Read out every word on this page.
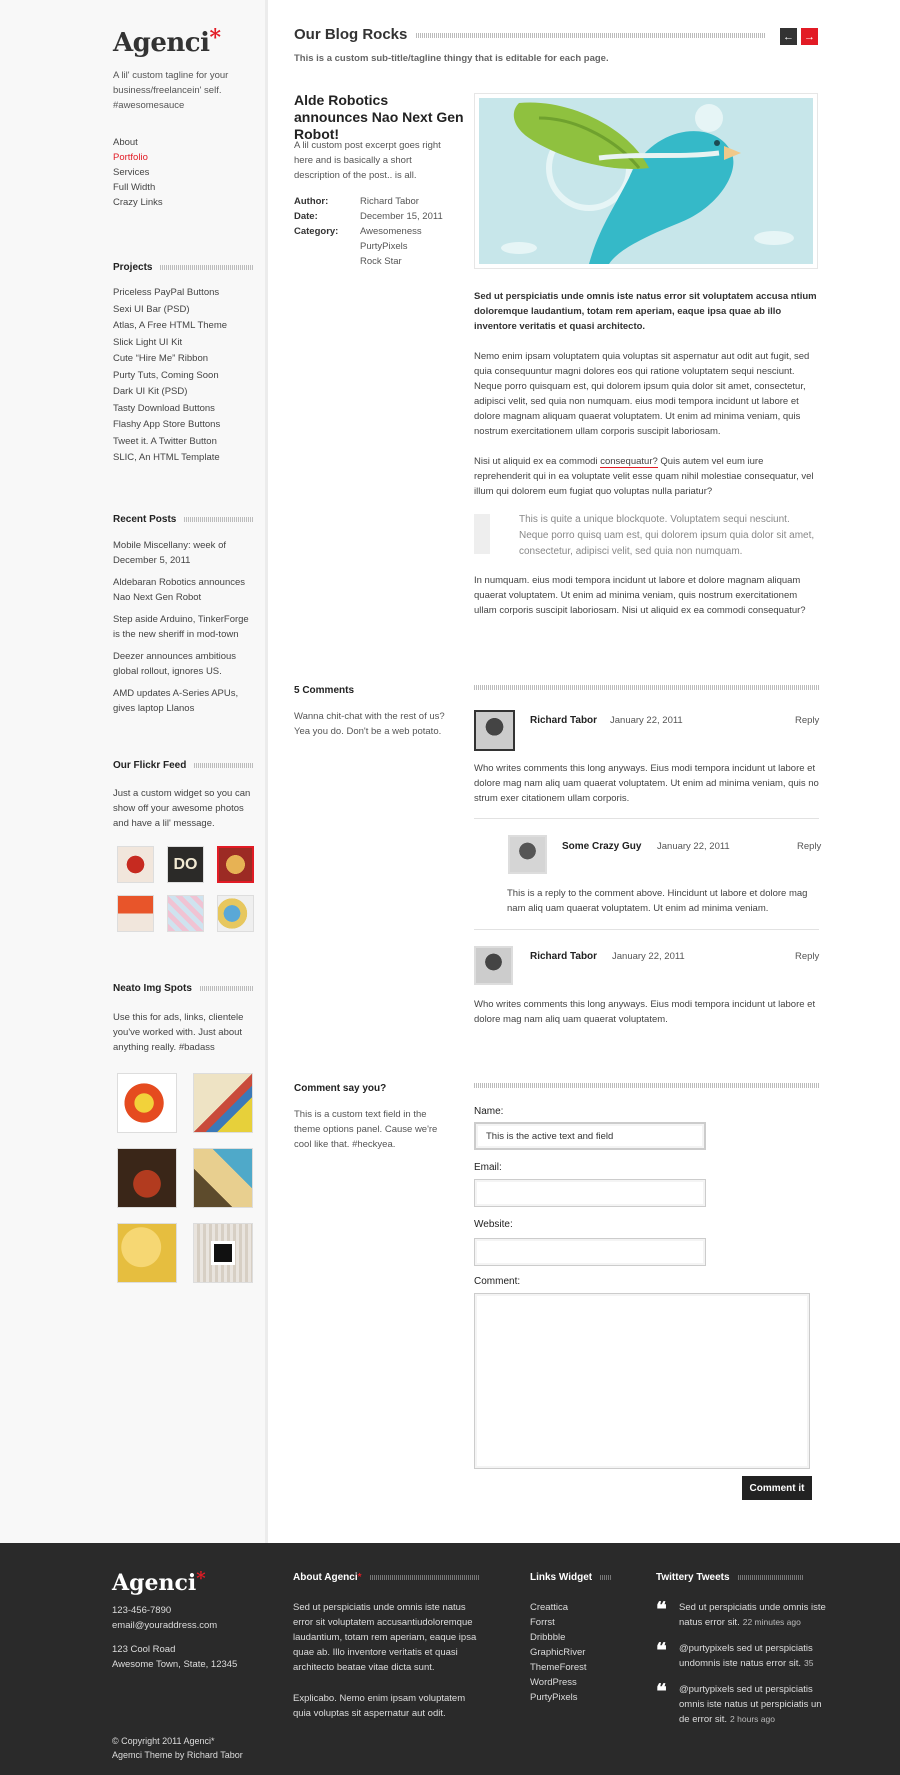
Agenci*
A lil' custom tagline for your business/freelancein' self. #awesomesauce
About
Portfolio
Services
Full Width
Crazy Links
Projects
Priceless PayPal Buttons
Sexi UI Bar (PSD)
Atlas, A Free HTML Theme
Slick Light UI Kit
Cute “Hire Me” Ribbon
Purty Tuts, Coming Soon
Dark UI Kit (PSD)
Tasty Download Buttons
Flashy App Store Buttons
Tweet it. A Twitter Button
SLIC, An HTML Template
Recent Posts
Mobile Miscellany: week of December 5, 2011
Aldebaran Robotics announces Nao Next Gen Robot
Step aside Arduino, TinkerForge is the new sheriff in mod-town
Deezer announces ambitious global rollout, ignores US.
AMD updates A-Series APUs, gives laptop Llanos
Our Flickr Feed
Just a custom widget so you can show off your awesome photos and have a lil' message.
DO
Neato Img Spots
Use this for ads, links, clientele you've worked with. Just about anything really. #badass
Our Blog Rocks	← →
This is a custom sub-title/tagline thingy that is editable for each page.
Alde Robotics announces Nao Next Gen Robot!
A lil custom post excerpt goes right here and is basically a short description of the post.. is all.
Author:	Richard Tabor
Date:	December 15, 2011
Category:	Awesomeness
PurtyPixels
Rock Star
Sed ut perspiciatis unde omnis iste natus error sit voluptatem accusa ntium doloremque laudantium, totam rem aperiam, eaque ipsa quae ab illo inventore veritatis et quasi architecto.
Nemo enim ipsam voluptatem quia voluptas sit aspernatur aut odit aut fugit, sed quia consequuntur magni dolores eos qui ratione voluptatem sequi nesciunt. Neque porro quisquam est, qui dolorem ipsum quia dolor sit amet, consectetur, adipisci velit, sed quia non numquam. eius modi tempora incidunt ut labore et dolore magnam aliquam quaerat voluptatem. Ut enim ad minima veniam, quis nostrum exercitationem ullam corporis suscipit laboriosam.
Nisi ut aliquid ex ea commodi consequatur? Quis autem vel eum iure reprehenderit qui in ea voluptate velit esse quam nihil molestiae consequatur, vel illum qui dolorem eum fugiat quo voluptas nulla pariatur?
This is quite a unique blockquote. Voluptatem sequi nesciunt. Neque porro quisq uam est, qui dolorem ipsum quia dolor sit amet, consectetur, adipisci velit, sed quia non numquam.
In numquam. eius modi tempora incidunt ut labore et dolore magnam aliquam quaerat voluptatem. Ut enim ad minima veniam, quis nostrum exercitationem ullam corporis suscipit laboriosam. Nisi ut aliquid ex ea commodi consequatur?
5 Comments
Wanna chit-chat with the rest of us? Yea you do. Don't be a web potato.
Richard Tabor January 22, 2011	Reply
Who writes comments this long anyways. Eius modi tempora incidunt ut labore et dolore mag nam aliq uam quaerat voluptatem. Ut enim ad minima veniam, quis no strum exer citationem ullam corporis.
Some Crazy Guy January 22, 2011	Reply
This is a reply to the comment above. Hincidunt ut labore et dolore mag nam aliq uam quaerat voluptatem. Ut enim ad minima veniam.
Richard Tabor January 22, 2011	Reply
Who writes comments this long anyways. Eius modi tempora incidunt ut labore et dolore mag nam aliq uam quaerat voluptatem.
Comment say you?
This is a custom text field in the theme options panel. Cause we're cool like that. #heckyea.
Name:
This is the active text and field
Email:
Website:
Comment:
Comment it
Agenci*
123-456-7890
email@youraddress.com
123 Cool Road
Awesome Town, State, 12345
© Copyright 2011 Agenci*
Agemci Theme by Richard Tabor
About Agenci *
Sed ut perspiciatis unde omnis iste natus error sit voluptatem accusantiudoloremque laudantium, totam rem aperiam, eaque ipsa quae ab. Illo inventore veritatis et quasi architecto beatae vitae dicta sunt.
Explicabo. Nemo enim ipsam voluptatem quia voluptas sit aspernatur aut odit.
Links Widget
Creattica
Forrst
Dribbble
GraphicRiver
ThemeForest
WordPress
PurtyPixels
Twittery Tweets
❝ Sed ut perspiciatis unde omnis iste natus error sit. 22 minutes ago
❝ @purtypixels sed ut perspiciatis undomnis iste natus error sit. 35
❝ @purtypixels sed ut perspiciatis omnis iste natus ut perspiciatis un de error sit. 2 hours ago
